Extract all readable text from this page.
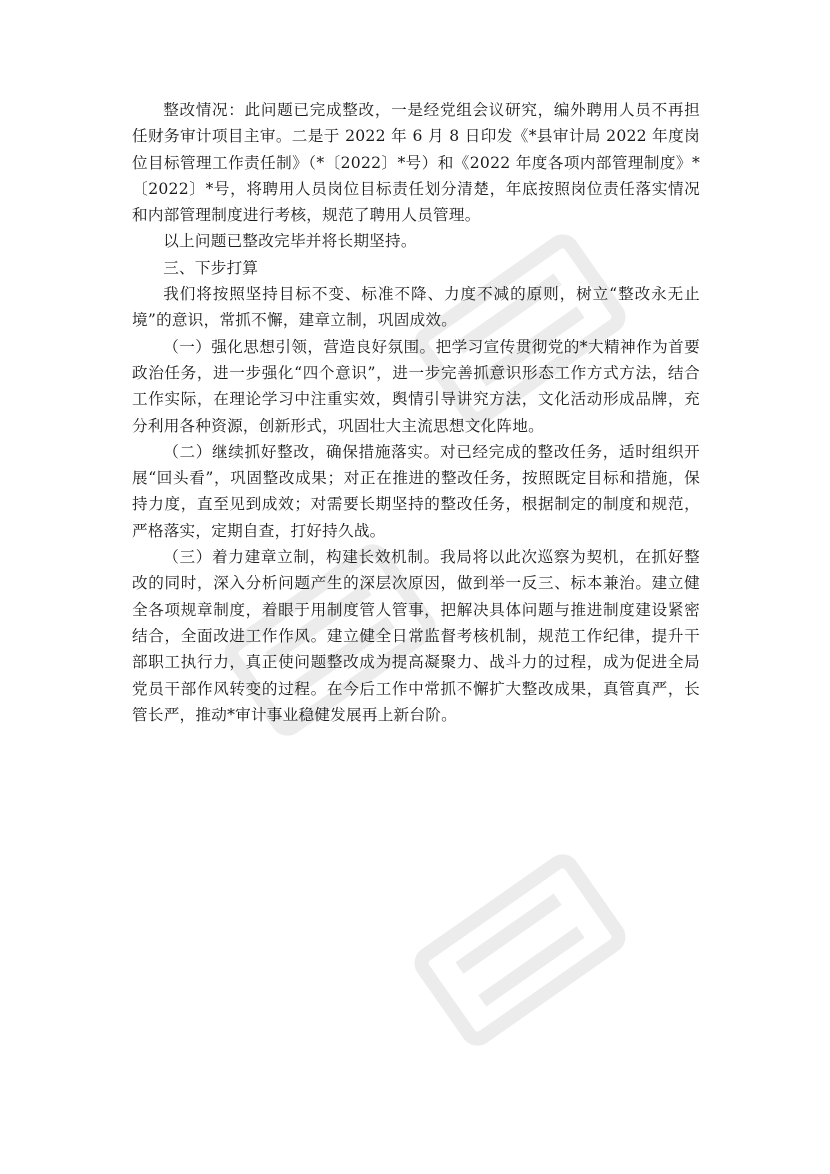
整改情况：此问题已完成整改，一是经党组会议研究，编外聘用人员不再担任财务审计项目主审。二是于 2022 年 6 月 8 日印发《*县审计局 2022 年度岗位目标管理工作责任制》（*〔2022〕*号）和《2022 年度各项内部管理制度》*〔2022〕*号，将聘用人员岗位目标责任划分清楚，年底按照岗位责任落实情况和内部管理制度进行考核，规范了聘用人员管理。

以上问题已整改完毕并将长期坚持。

三、下步打算

我们将按照坚持目标不变、标准不降、力度不减的原则，树立“整改永无止境”的意识，常抓不懈，建章立制，巩固成效。

（一）强化思想引领，营造良好氛围。把学习宣传贯彻党的*大精神作为首要政治任务，进一步强化“四个意识”，进一步完善抓意识形态工作方式方法，结合工作实际，在理论学习中注重实效，舆情引导讲究方法，文化活动形成品牌，充分利用各种资源，创新形式，巩固壮大主流思想文化阵地。

（二）继续抓好整改，确保措施落实。对已经完成的整改任务，适时组织开展“回头看”，巩固整改成果；对正在推进的整改任务，按照既定目标和措施，保持力度，直至见到成效；对需要长期坚持的整改任务，根据制定的制度和规范，严格落实，定期自查，打好持久战。

（三）着力建章立制，构建长效机制。我局将以此次巡察为契机，在抓好整改的同时，深入分析问题产生的深层次原因，做到举一反三、标本兼治。建立健全各项规章制度，着眼于用制度管人管事，把解决具体问题与推进制度建设紧密结合，全面改进工作作风。建立健全日常监督考核机制，规范工作纪律，提升干部职工执行力，真正使问题整改成为提高凝聚力、战斗力的过程，成为促进全局党员干部作风转变的过程。在今后工作中常抓不懈扩大整改成果，真管真严，长管长严，推动*审计事业稳健发展再上新台阶。
